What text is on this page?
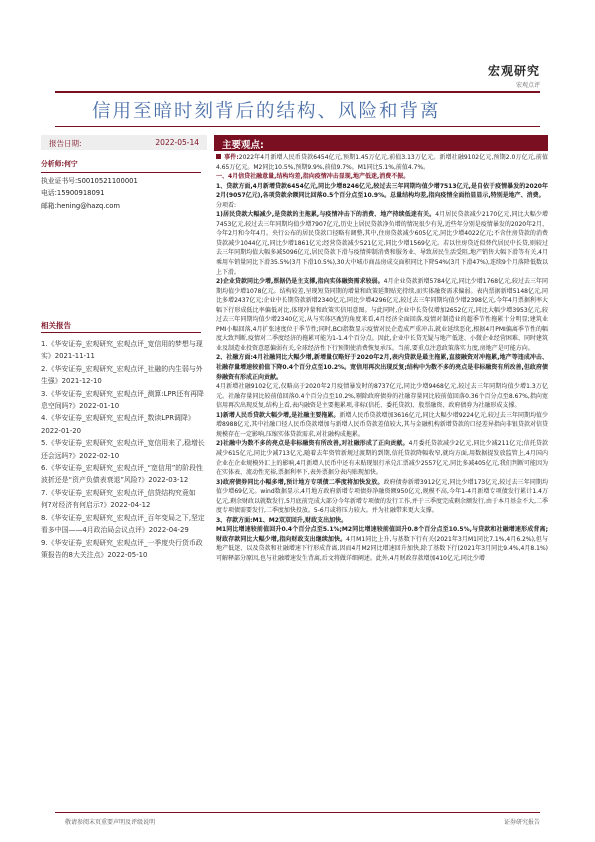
宏观研究
宏观点评
信用至暗时刻背后的结构、风险和背离
报告日期:	2022-05-14
分析师:何宁
执业证书号:S0010521100001
电话:15900918091
邮箱:hening@hazq.com
相关报告
1.《华安证券_宏观研究_宏观点评_宽信用的梦想与现实》2021-11-11
2.《华安证券_宏观研究_宏观点评_社融的内生弱与外生强》2021-12-10
3.《华安证券_宏观研究_宏观点评_测算:LPR还有再降息空间吗?》2022-01-10
4.《华安证券_宏观研究_宏观点评_数读LPR调降》2022-01-20
5.《华安证券_宏观研究_宏观点评_宽信用来了,稳增长还会远吗?》2022-02-10
6.《华安证券_宏观研究_宏观点评_“宽信用”的阶段性波折还是“资产负债表衰退”风险?》2022-03-12
7.《华安证券_宏观研究_宏观点评_信贷结构究竟如何?对经济有何启示?》2022-04-12
8.《华安证券_宏观研究_宏观点评_百年变局之下,坚定看多中国——4月政治局会议点评》2022-04-29
9.《华安证券_宏观研究_宏观点评_一季度央行货币政策报告的8大关注点》2022-05-10
主要观点:

事件:2022年4月新增人民币贷款6454亿元,预期1.45万亿元,前值3.13万亿元。新增社融9102亿元,预期2.0万亿元,前值4.65万亿元。M2同比10.5%,预期9.9%,前值9.7%。M1同比5.1%,前值4.7%。

一、4月信贷社融意量,结构均差,指向疫情冲击显现,地产低迷,消费不振。

1、贷款方面,4月新增贷款6454亿元,同比少增8246亿元,较过去三年同期均值少增7513亿元,是自依于疫情暴发的2020年2月(9057亿元),各项贷款余额同比回落0.5个百分点至10.9%。总量结构均差,指向疫情全面抬显显示,特别是地产、消费。

分项看:

1)居民贷款大幅减少,是贷款的主拖累,与疫情冲击下的消费、地产持续低迷有关。4月居民贷款减少2170亿元,同比大幅少增7453亿元,较过去三年同期均值少增7907亿元,历史上居民贷款净负增的情况很少有见,近些年分别是疫情暴发的2020年2月、今年2月和今年4月。央行公布的居民贷款口径略有调整,其中,住房贷款减少605亿元,同比少增4022亿元;不含住房贷款的消费贷款减少1044亿元,同比少增1861亿元;经营贷款减少521亿元,同比少增1569亿元。若以往房贷近似替代居民中长贷,则较过去三年同期均值大幅多减5096亿元,居民贷款下滑与疫情抑制消费和服务业、导致居民生活受阻,地产销售大幅下滑等有关,4月乘用车销量同比下滑35.5%(3月下滑10.5%),30大中城市商品房成交面积同比下降54%(3月下滑47%),连续9个月落降低数以上下滑。

2)企业贷款同比少增,票据仍是主支撑,指向实体融资需求较弱。4月企业贷款新增5784亿元,同比少增1768亿元,较过去三年同期均值少增1078亿元。结构较差,呈现短贷同期的增量和政策延期贴充持续,而实体融资需求偏弱。表内票据新增5148亿元,同比多增2437亿元;企业中长期贷款新增2340亿元,同比少增4296亿元,较过去三年同期均值少增2398亿元,今年4月票据利率大幅下行形成低比率偏低对比,体现冲量和政策实信用意图。与此同时,企业中长贷仅增加2652亿元,同比大幅少增3953亿元,较过去三年同期均值少增2340亿元,从与实体匹配的角度来看,4月经济全面回落,疫情对制造业的超季节性拖累十分明显;建筑业PMI小幅回落,4月扩张速度位于季节性;同时,BCI指数显示疫情对民企造成严重冲击,就业延续恶化,根据4月PMI偏离季节性的幅度大致判断,疫情对二季度经济的拖累可能为1-1.4个百分点。因此,企业中长贷无疑与地产低迷、小微企业经营困难、同时建筑业及制造业投资意愿偏弱有关,全球经济性下行预期使消费恢复承压。当前,要重点注意政策落实力度,房地产是可能方向。

2、社融方面:4月社融同比大幅少增,新增量仅略好于2020年2月,表内贷款是最主拖累,直接融资对冲拖累,地产等违成冲击、社融存量增速较前值下降0.4个百分点至10.2%。宽信用再次出现反复;结构中为数不多的亮点是非标融资有所改善,但政府债券融资有形成正向贡献。

4月新增社融9102亿元,仅略高于2020年2月疫情暴发时的8737亿元,同比少增9468亿元,较过去三年同期均值少增1.3万亿元。社融存量同比较前值回落0.4个百分点至10.2%,剔除政府债券的社融存量同比较前值回落0.36个百分点至8.67%,指向宽信用再次出现反复,结构上看,表内融资是主要拖累项,非标(信托、委托贷款)、股票融资、政府债券为社融形成支撑。

1)新增人民币贷款大幅少增,是社融主要拖累。新增人民币贷款增加3616亿元,同比大幅少增9224亿元,较过去三年同期均值少增8988亿元,其中社融口径人民币贷款增加与新增人民币贷款差值较大,其与金融机构新增贷款的口径差异指向非银贷款对信贷规模存在一定影响,压缩实体贷款需求,对社融构成拖累。

2)社融中为数不多的亮点是非标融资有所改善,对社融形成了正向贡献。4月委托贷款减少2亿元,同比少减211亿元;信托贷款减少615亿元,同比少减713亿元,随着去年资管新规过渡期的到期,信托贷款降幅收窄,就均方面,用数据提发放监管上,4月国内企业在企业规模外汇上的影响,4月新增人民币中还有未贴现银行承兑汇票减少2557亿元,同比多减405亿元,我们判断可能因为在实体表、流动性充裕,票据利率下,表外票据分表内贴现加快。

3)政府债券同比小幅多增,预计地方专项债二季度将加快发放。政府债券新增3912亿元,同比少增173亿元,较过去三年同期均值少增69亿元。wind数据显示,4月地方政府新增专项债券净融资额950亿元,规模不高,今年1-4月新增专项债发行累计1.4万亿元,剩余财政以就数发行,5月底前完成大部分今年新增专项债的发行工作,并于三季度完成剩余额发行,由于本月基金不大,二季度专项债需要发行,二季度加快投放。5-6月或将压力较大。并为社融带来更大支撑。

3、存款方面:M1、M2双双回升,财政支出加快。

M1同比增速较前值回升0.4个百分点至5.1%;M2同比增速较前值回升0.8个百分点至10.5%,与贷款和社融增速形成背离;财政存款同比大幅少增,指向财政支出继续加快。4月M1同比上升,与基数下行有关(2021年3月M1同比7.1%,4月6.2%),但与地产低迷、以及贷款和社融增速下行形成背离,因而4月M2同比增速回升加快,除了基数下行(2021年3月同比9.4%,4月8.1%)可解释部分原因,也与社融增速发生背离,后文将做详细阐述。此外,4月财政存款增加410亿元,同比少增

敬请参阅末页重要声明及评级说明	证券研究报告
